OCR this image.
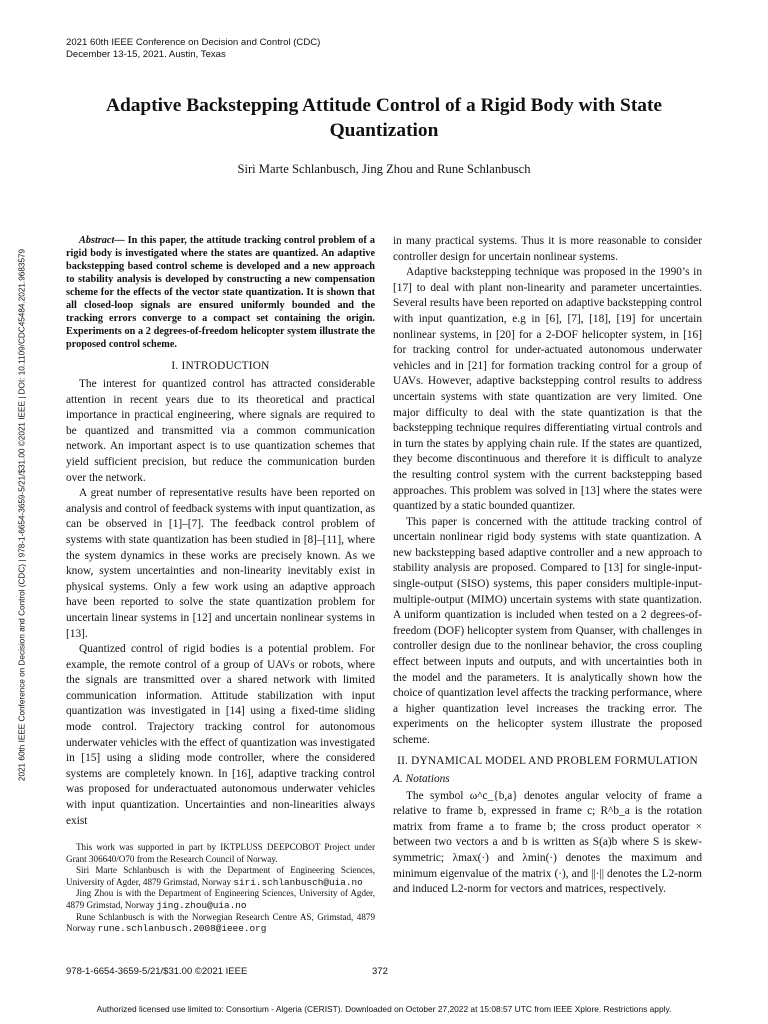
2021 60th IEEE Conference on Decision and Control (CDC)
December 13-15, 2021. Austin, Texas
Adaptive Backstepping Attitude Control of a Rigid Body with State Quantization
Siri Marte Schlanbusch, Jing Zhou and Rune Schlanbusch
2021 60th IEEE Conference on Decision and Control (CDC) | 978-1-6654-3659-5/21/$31.00 ©2021 IEEE | DOI: 10.1109/CDC45484.2021.9683579

Abstract— In this paper, the attitude tracking control problem of a rigid body is investigated where the states are quantized. An adaptive backstepping based control scheme is developed and a new approach to stability analysis is developed by constructing a new compensation scheme for the effects of the vector state quantization. It is shown that all closed-loop signals are ensured uniformly bounded and the tracking errors converge to a compact set containing the origin. Experiments on a 2 degrees-of-freedom helicopter system illustrate the proposed control scheme.

I. INTRODUCTION

The interest for quantized control has attracted considerable attention in recent years due to its theoretical and practical importance in practical engineering, where signals are required to be quantized and transmitted via a common communication network. An important aspect is to use quantization schemes that yield sufficient precision, but reduce the communication burden over the network.

A great number of representative results have been reported on analysis and control of feedback systems with input quantization, as can be observed in [1]–[7]. The feedback control problem of systems with state quantization has been studied in [8]–[11], where the system dynamics in these works are precisely known. As we know, system uncertainties and non-linearity inevitably exist in physical systems. Only a few work using an adaptive approach have been reported to solve the state quantization problem for uncertain linear systems in [12] and uncertain nonlinear systems in [13].

Quantized control of rigid bodies is a potential problem. For example, the remote control of a group of UAVs or robots, where the signals are transmitted over a shared network with limited communication information. Attitude stabilization with input quantization was investigated in [14] using a fixed-time sliding mode control. Trajectory tracking control for autonomous underwater vehicles with the effect of quantization was investigated in [15] using a sliding mode controller, where the considered systems are completely known. In [16], adaptive tracking control was proposed for underactuated autonomous underwater vehicles with input quantization. Uncertainties and non-linearities always exist

in many practical systems. Thus it is more reasonable to consider controller design for uncertain nonlinear systems.

Adaptive backstepping technique was proposed in the 1990’s in [17] to deal with plant non-linearity and parameter uncertainties. Several results have been reported on adaptive backstepping control with input quantization, e.g in [6], [7], [18], [19] for uncertain nonlinear systems, in [20] for a 2-DOF helicopter system, in [16] for tracking control for under-actuated autonomous underwater vehicles and in [21] for formation tracking control for a group of UAVs. However, adaptive backstepping control results to address uncertain systems with state quantization are very limited. One major difficulty to deal with the state quantization is that the backstepping technique requires differentiating virtual controls and in turn the states by applying chain rule. If the states are quantized, they become discontinuous and therefore it is difficult to analyze the resulting control system with the current backstepping based approaches. This problem was solved in [13] where the states were quantized by a static bounded quantizer.

This paper is concerned with the attitude tracking control of uncertain nonlinear rigid body systems with state quantization. A new backstepping based adaptive controller and a new approach to stability analysis are proposed. Compared to [13] for single-input-single-output (SISO) systems, this paper considers multiple-input-multiple-output (MIMO) uncertain systems with state quantization. A uniform quantization is included when tested on a 2 degrees-of-freedom (DOF) helicopter system from Quanser, with challenges in controller design due to the nonlinear behavior, the cross coupling effect between inputs and outputs, and with uncertainties both in the model and the parameters. It is analytically shown how the choice of quantization level affects the tracking performance, where a higher quantization level increases the tracking error. The experiments on the helicopter system illustrate the proposed scheme.

II. DYNAMICAL MODEL AND PROBLEM FORMULATION
A. Notations

The symbol ω^c_{b,a} denotes angular velocity of frame a relative to frame b, expressed in frame c; R^b_a is the rotation matrix from frame a to frame b; the cross product operator × between two vectors a and b is written as S(a)b where S is skew-symmetric; λmax(·) and λmin(·) denotes the maximum and minimum eigenvalue of the matrix (·), and ||·|| denotes the L2-norm and induced L2-norm for vectors and matrices, respectively.

This work was supported in part by IKTPLUSS DEEPCOBOT Project under Grant 306640/O70 from the Research Council of Norway.

Siri Marte Schlanbusch is with the Department of Engineering Sciences, University of Agder, 4879 Grimstad, Norway siri.schlanbusch@uia.no

Jing Zhou is with the Department of Engineering Sciences, University of Agder, 4879 Grimstad, Norway jing.zhou@uia.no

Rune Schlanbusch is with the Norwegian Research Centre AS, Grimstad, 4879 Norway rune.schlanbusch.2008@ieee.org

978-1-6654-3659-5/21/$31.00 ©2021 IEEE	372
Authorized licensed use limited to: Consortium - Algeria (CERIST). Downloaded on October 27,2022 at 15:08:57 UTC from IEEE Xplore. Restrictions apply.
